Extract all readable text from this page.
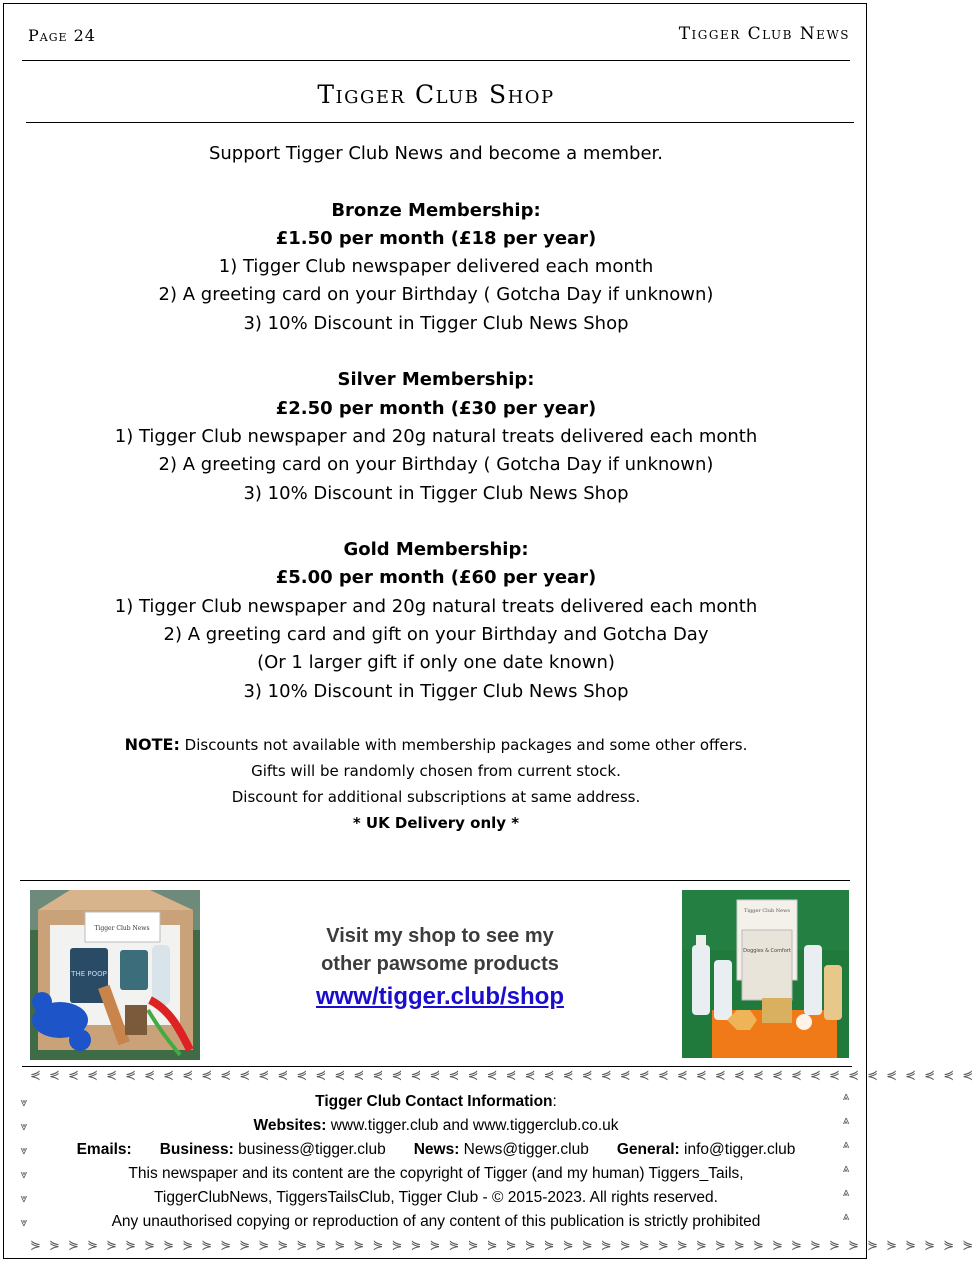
Page 24	Tigger Club News
Tigger Club Shop
Support Tigger Club News and become a member.
Bronze Membership:
£1.50 per month (£18 per year)
1) Tigger Club newspaper delivered each month
2) A greeting card on your Birthday ( Gotcha Day if unknown)
3) 10% Discount in Tigger Club News Shop
Silver Membership:
£2.50 per month (£30 per year)
1) Tigger Club newspaper and 20g natural treats delivered each month
2) A greeting card on your Birthday ( Gotcha Day if unknown)
3) 10% Discount in Tigger Club News Shop
Gold Membership:
£5.00 per month (£60 per year)
1) Tigger Club newspaper and 20g natural treats delivered each month
2) A greeting card and gift on your Birthday and Gotcha Day
(Or 1 larger gift if only one date known)
3) 10% Discount in Tigger Club News Shop
NOTE: Discounts not available with membership packages and some other offers.
Gifts will be randomly chosen from current stock.
Discount for additional subscriptions at same address.
* UK Delivery only *
Tigger Club News
THE POOP
Visit my shop to see my
other pawsome products
www/tigger.club/shop
Tigger Club News
Doggies & Comfort
⋞ ⋞ ⋞ ⋞ ⋞ ⋞ ⋞ ⋞ ⋞ ⋞ ⋞ ⋞ ⋞ ⋞ ⋞ ⋞ ⋞ ⋞ ⋞ ⋞ ⋞ ⋞ ⋞ ⋞ ⋞ ⋞ ⋞ ⋞ ⋞ ⋞ ⋞ ⋞ ⋞ ⋞ ⋞ ⋞ ⋞ ⋞ ⋞ ⋞ ⋞ ⋞ ⋞ ⋞ ⋞ ⋞ ⋞ ⋞ ⋞ ⋞
⋟ ⋟ ⋟ ⋟ ⋟ ⋟ ⋟ ⋟ ⋟ ⋟ ⋟ ⋟ ⋟ ⋟ ⋟ ⋟ ⋟ ⋟ ⋟ ⋟ ⋟ ⋟ ⋟ ⋟ ⋟ ⋟ ⋟ ⋟ ⋟ ⋟ ⋟ ⋟ ⋟ ⋟ ⋟ ⋟ ⋟ ⋟ ⋟ ⋟ ⋟ ⋟ ⋟ ⋟ ⋟ ⋟ ⋟ ⋟ ⋟ ⋟
⩔
⩔
⩔
⩔
⩔
⩔
⩓
⩓
⩓
⩓
⩓
⩓
Tigger Club Contact Information:
Websites: www.tigger.club and www.tiggerclub.co.uk
Emails: Business: business@tigger.club News: News@tigger.club General: info@tigger.club
This newspaper and its content are the copyright of Tigger (and my human) Tiggers_Tails,
TiggerClubNews, TiggersTailsClub, Tigger Club - © 2015-2023. All rights reserved.
Any unauthorised copying or reproduction of any content of this publication is strictly prohibited
